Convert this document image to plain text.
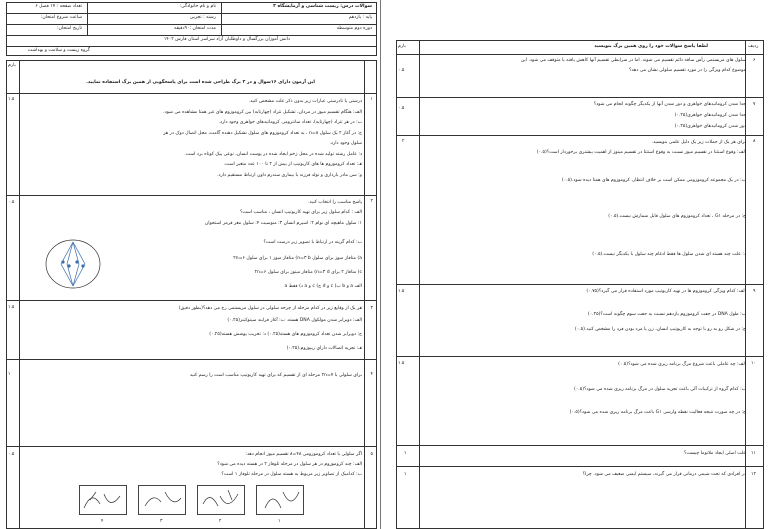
سوالات درس: زیست شناسی و آزمایشگاه ۳
نام و نام خانوادگی:
تعداد صفحه : ۱۷ فصل ۶
پایه : یازدهم
رشته : تجربی
ساعت شروع امتحان:
دوره دوم متوسطه
مدت امتحان :۹۰دقیقه
تاریخ امتحان:
دانش آموزان بزرگسال و داوطلبان آزاد سراسر استان فارس ۱۴۰۲
گروه زیست و سلامت و بهداشت
بارم
این آزمون دارای ۱۶سوال و در ۳ برگ طراحی شده است برای پاسخگویی از همین برگ استفاده نمایید.
۱
۱.۵	درستی یا نادرستی عبارات زیر بدون ذکر علت مشخص کنید.
الف: هنگام تقسیم میوز در مردان، تشکیل تتراد (چهارتایه) بین کروموزوم های غیر همتا مشاهده می شود.
ب: در هر تتراد (چهارتایه)، تعداد سانترومر، کروماتیدهای خواهری وجود دارد.
ج: در آغاز ۲ یک سلول n=۸ ، به تعداد کروموزوم های سلول تشکیل دهنده گامت، محل اتصال دوک در هر
سلول وجود دارد.
د: عامل رشته تولید شده در محل زخم ایجاد شده در پوست انسان، نوعی پیک کوتاه برد است.
هـ: تعداد کروموزوم ها های کاریوتیپ از بیش از ۲ تا ۱۰۰ عدد متغیر است.
و: سن مادر بارداری و تولد فرزند با بیماری سندرم داون ارتباط مستقیم دارد.
۲
۰.۵	پاسخ مناسب را انتخاب کنید.
الف : کدام سلول زیر برای تهیه کاریوتیپ انسان ، مناسب است؟
۱: سلول ماهیچه ای نوام ۲: اسپرم انسان ۳: منوسیت ۴: سلول مغز قرمز استخوان
ب: کدام گزینه در ارتباط با تصویر زیر درست است؟
a) متافاز میوز برای سلول n=۳ b) متافاز میوز ۱ برای سلول ۲n=۶
c) متافاز ۲ برای n=۳ d) متافاز میتوز برای سلول ۲n=۶
الف a و b ب) c و d ج) c و a د) فقط a
۳
۱.۵	هر یک از وقایع زیر در کدام مرحله از چرخه سلولی در سلول مریستمی رخ می دهد؟(بطور دقیق)
الف: دوبرابر شدن مولکول DNA هسته. ب: آغاز فرایند سیتوکینز(۰.۲۵)
ج: دوبرابر شدن تعداد کروموزوم های هسته(۰.۲۵) د: تخریب پوشش هسته(۰.۲۵)
هـ: تجزیه اتصالات دارای ریبوزوم.(۰.۲۵)
۴
۱	برای سلولی با ۲n=۷ مرحله ای از تقسیم که برای تهیه کاریوتیپ مناسب است را رسم کنید
۵
۰.۵	اگر سلولی با تعداد کروموزومی ۴۸=۸ تقسیم میوز انجام دهد:
الف: چند کروموزوم در هر سلول در مرحله تلوفاز ۲ در هسته دیده می شود؟
ب: کدامیک از تصاویر زیر مربوط به هسته سلول در مرحله تلوفاز ۱ است؟
۴	۳	۲	۱
بارم	لطفا پاسخ سوالات خود را روی همین برگ بنویسید	ردیف
۶
۰.۵
سلول های مریستمی رأس ساقه دائم تقسیم می شوند. اما در شرایطی تقسیم آنها کاهش یافته یا متوقف می شود. این
موضوع کدام ویژگی را در مورد تقسیم سلولی نشان می دهد؟
۷
۰.۵
جدا شدن کروماتیدهای خواهری و دور شدن آنها از یکدیگر چگونه انجام می شود؟
جدا شدن کروماتیدهای خواهری(۰.۲۵)
دور شدن کروماتیدهای خواهری(۰.۲۵)
۸
۲	برای هر یک از جملات زیر یک دلیل علمی بنویسید.
الف: وقوع استثنا در تقسیم میوز نسبت به وقوع استثنا در تقسیم میتوز از اهمیت بیشتری برخوردار است؟(۰.۵)
ب: در یک مجموعه کروموزومی ممکن است بر خلاف انتظار، کروموزوم های همتا دیده شود.(۰.۵)
ج: در مرحله G۱ ، تعداد کروموزوم های سلول قابل شمارش نیست.(۰.۵)
د: علت چند هسته ای شدن سلول ها فقط ادغام چند سلول با یکدیگر نیست.(۰.۵)
۹
۱.۵	الف: کدام ویژگی کروموزوم ها در تهیه کاریوتیپ مورد استفاده قرار می گیرد؟(۰.۷۵)
ب: طول DNA در جفت کروموزوم یازدهم نسبت به جفت سوم چگونه است؟(۰.۲۵)
ج: در شکل رو به رو با توجه به کاریوتیپ انسان، زن یا مرد بودن فرد را مشخص کنید.(۰.۵)
۱۰
۱.۵	الف: چه عاملی باعث شروع مرگ برنامه ریزی شده می شود؟(۰.۵)
ب: کدام گروه از ترکیبات آلی باعث تجزیه سلول در مرگ برنامه ریزی شده می شود؟(۰.۵)
ج: در چه صورت نتیجه فعالیت نقطه وارسی G۱ باعث مرگ برنامه ریزی شده می شود؟(۰.۵)
۱۱
۱	علت اصلی ایجاد ملانوما چیست؟
۱۲
۱	در افرادی که تحت شیمی درمانی قرار می گیرند، سیستم ایمنی ضعیف می شود. چرا؟
